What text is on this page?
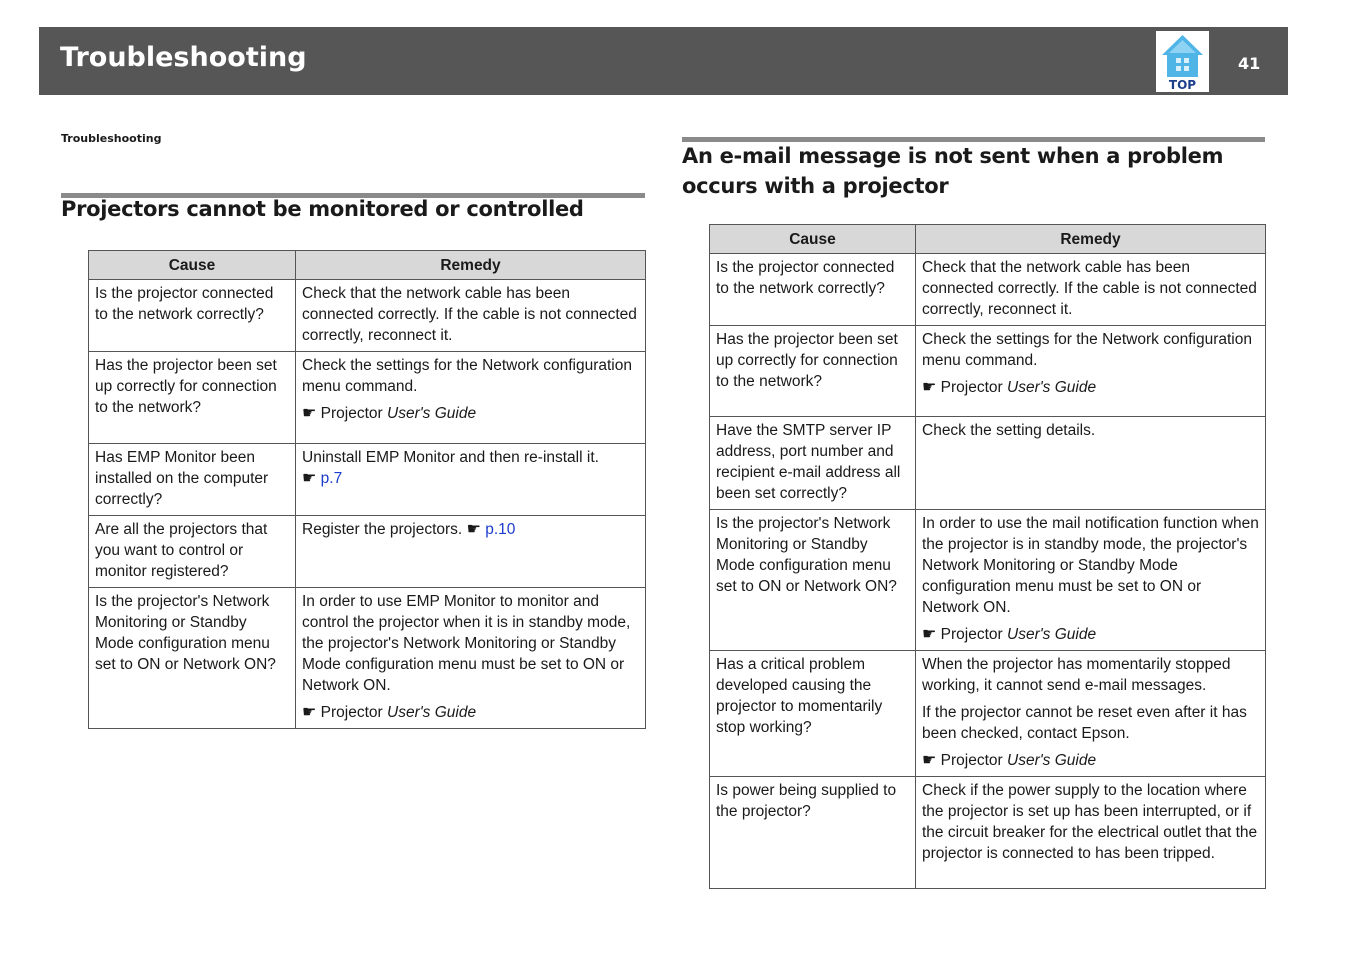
Troubleshooting
TOP
41
Troubleshooting
Projectors cannot be monitored or controlled
An e-mail message is not sent when a problem occurs with a projector
Cause	Remedy
Is the projector connected to the network correctly?	Check that the network cable has been connected correctly. If the cable is not connected correctly, reconnect it.

Has the projector been set up correctly for connection to the network?	Check the settings for the Network configuration menu command.

☛ Projector User's Guide

Has EMP Monitor been installed on the computer correctly?	Uninstall EMP Monitor and then re-install it.
☛ p.7
Are all the projectors that you want to control or monitor registered?	Register the projectors. ☛ p.10
Is the projector's Network Monitoring or Standby Mode configuration menu set to ON or Network ON?	In order to use EMP Monitor to monitor and control the projector when it is in standby mode, the projector's Network Monitoring or Standby Mode configuration menu must be set to ON or Network ON.

☛ Projector User's Guide

Cause	Remedy
Is the projector connected to the network correctly?	Check that the network cable has been connected correctly. If the cable is not connected correctly, reconnect it.

Has the projector been set up correctly for connection to the network?	Check the settings for the Network configuration menu command.

☛ Projector User's Guide

Have the SMTP server IP address, port number and recipient e-mail address all been set correctly?	Check the setting details.

Is the projector's Network Monitoring or Standby Mode configuration menu set to ON or Network ON?	In order to use the mail notification function when the projector is in standby mode, the projector's Network Monitoring or Standby Mode configuration menu must be set to ON or Network ON.

☛ Projector User's Guide

Has a critical problem developed causing the projector to momentarily stop working?	When the projector has momentarily stopped working, it cannot send e-mail messages.

If the projector cannot be reset even after it has been checked, contact Epson.

☛ Projector User's Guide

Is power being supplied to the projector?	Check if the power supply to the location where the projector is set up has been interrupted, or if the circuit breaker for the electrical outlet that the projector is connected to has been tripped.
